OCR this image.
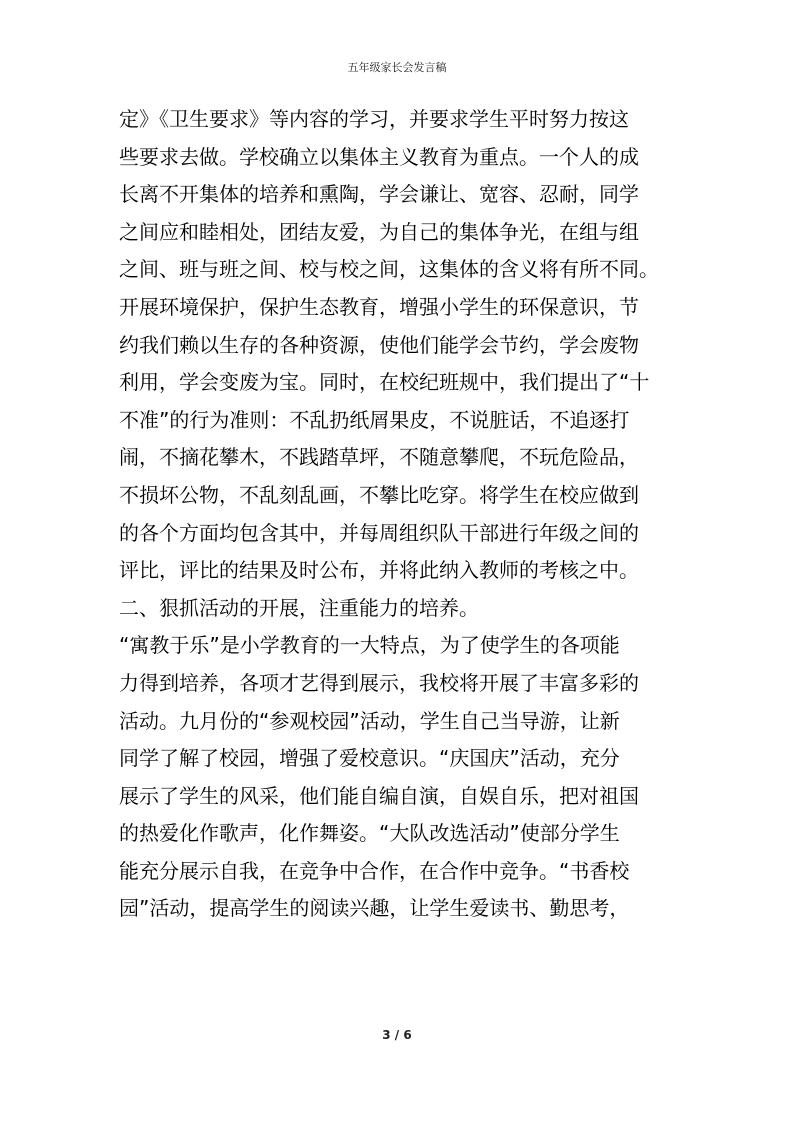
五年级家长会发言稿
定》《卫生要求》等内容的学习，并要求学生平时努力按这
些要求去做。学校确立以集体主义教育为重点。一个人的成
长离不开集体的培养和熏陶，学会谦让、宽容、忍耐，同学
之间应和睦相处，团结友爱，为自己的集体争光，在组与组
之间、班与班之间、校与校之间，这集体的含义将有所不同。
开展环境保护，保护生态教育，增强小学生的环保意识，节
约我们赖以生存的各种资源，使他们能学会节约，学会废物
利用，学会变废为宝。同时，在校纪班规中，我们提出了“十
不准”的行为准则：不乱扔纸屑果皮，不说脏话，不追逐打
闹，不摘花攀木，不践踏草坪，不随意攀爬，不玩危险品，
不损坏公物，不乱刻乱画，不攀比吃穿。将学生在校应做到
的各个方面均包含其中，并每周组织队干部进行年级之间的
评比，评比的结果及时公布，并将此纳入教师的考核之中。
二、狠抓活动的开展，注重能力的培养。
“寓教于乐”是小学教育的一大特点，为了使学生的各项能
力得到培养，各项才艺得到展示，我校将开展了丰富多彩的
活动。九月份的“参观校园”活动，学生自己当导游，让新
同学了解了校园，增强了爱校意识。“庆国庆”活动，充分
展示了学生的风采，他们能自编自演，自娱自乐，把对祖国
的热爱化作歌声，化作舞姿。“大队改选活动”使部分学生
能充分展示自我，在竞争中合作，在合作中竞争。“书香校
园”活动，提高学生的阅读兴趣，让学生爱读书、勤思考，
3 / 6
